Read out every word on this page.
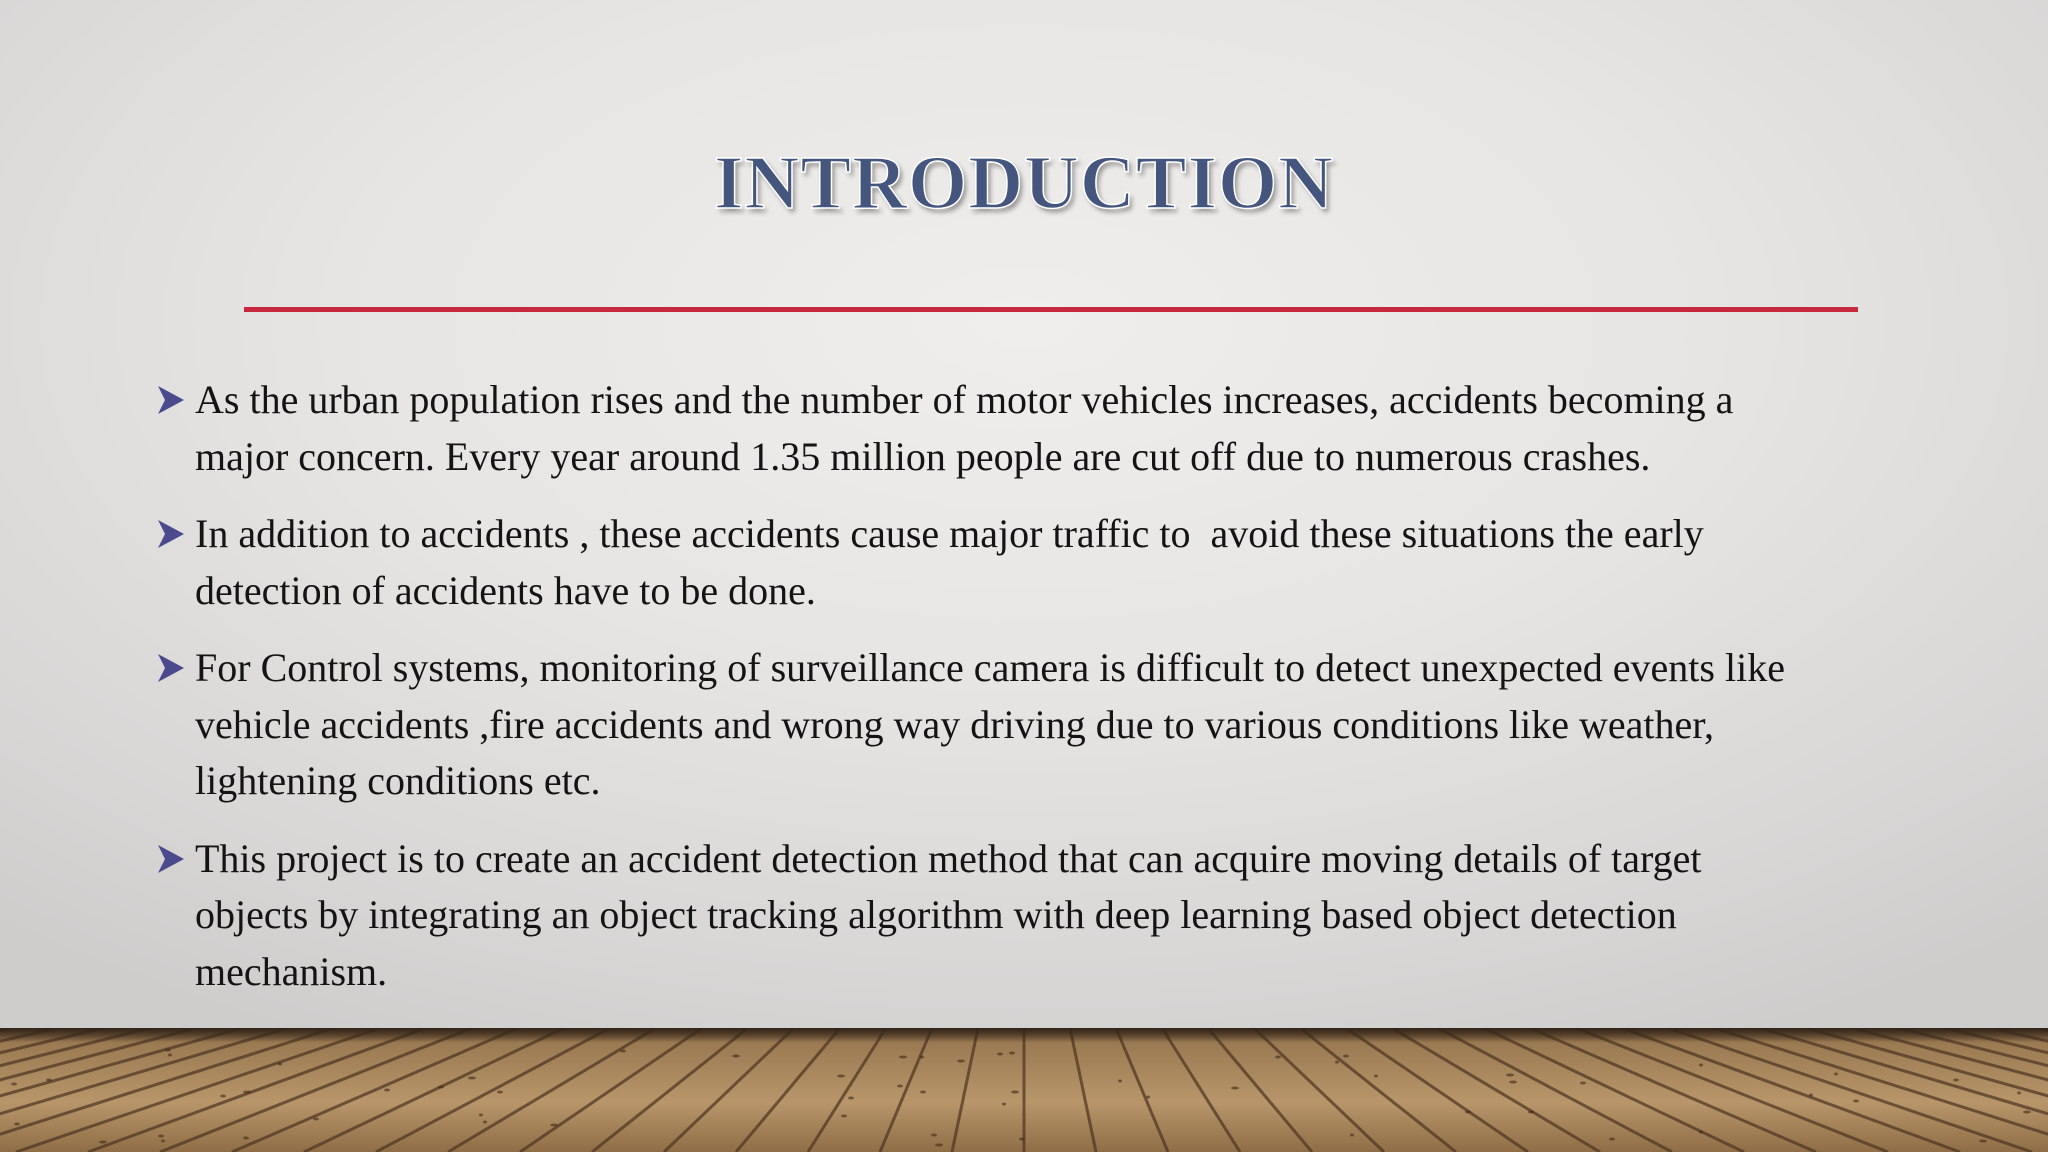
INTRODUCTION
As the urban population rises and the number of motor vehicles increases, accidents becoming a
major concern. Every year around 1.35 million people are cut off due to numerous crashes.
In addition to accidents , these accidents cause major traffic to  avoid these situations the early
detection of accidents have to be done.
For Control systems, monitoring of surveillance camera is difficult to detect unexpected events like
vehicle accidents ,fire accidents and wrong way driving due to various conditions like weather,
lightening conditions etc.
This project is to create an accident detection method that can acquire moving details of target
objects by integrating an object tracking algorithm with deep learning based object detection
mechanism.
